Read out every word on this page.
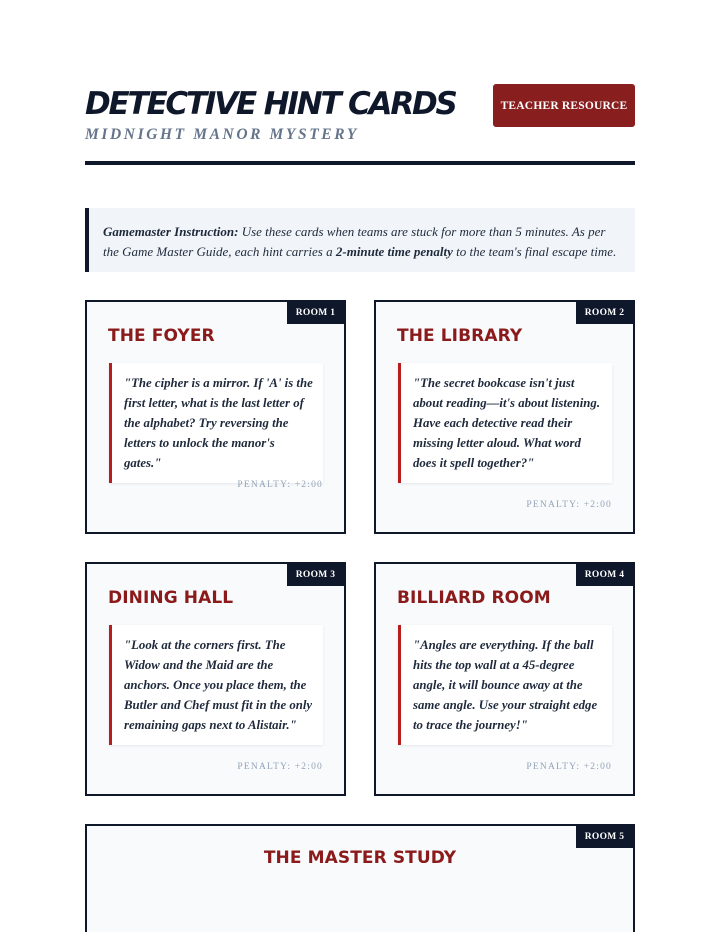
DETECTIVE HINT CARDS
MIDNIGHT MANOR MYSTERY
TEACHER RESOURCE
Gamemaster Instruction: Use these cards when teams are stuck for more than 5 minutes. As per the Game Master Guide, each hint carries a 2-minute time penalty to the team's final escape time.
ROOM 1
THE FOYER
"The cipher is a mirror. If 'A' is the first letter, what is the last letter of the alphabet? Try reversing the letters to unlock the manor's gates."
PENALTY: +2:00
ROOM 2
THE LIBRARY
"The secret bookcase isn't just about reading—it's about listening. Have each detective read their missing letter aloud. What word does it spell together?"
PENALTY: +2:00
ROOM 3
DINING HALL
"Look at the corners first. The Widow and the Maid are the anchors. Once you place them, the Butler and Chef must fit in the only remaining gaps next to Alistair."
PENALTY: +2:00
ROOM 4
BILLIARD ROOM
"Angles are everything. If the ball hits the top wall at a 45-degree angle, it will bounce away at the same angle. Use your straight edge to trace the journey!"
PENALTY: +2:00
ROOM 5
THE MASTER STUDY
